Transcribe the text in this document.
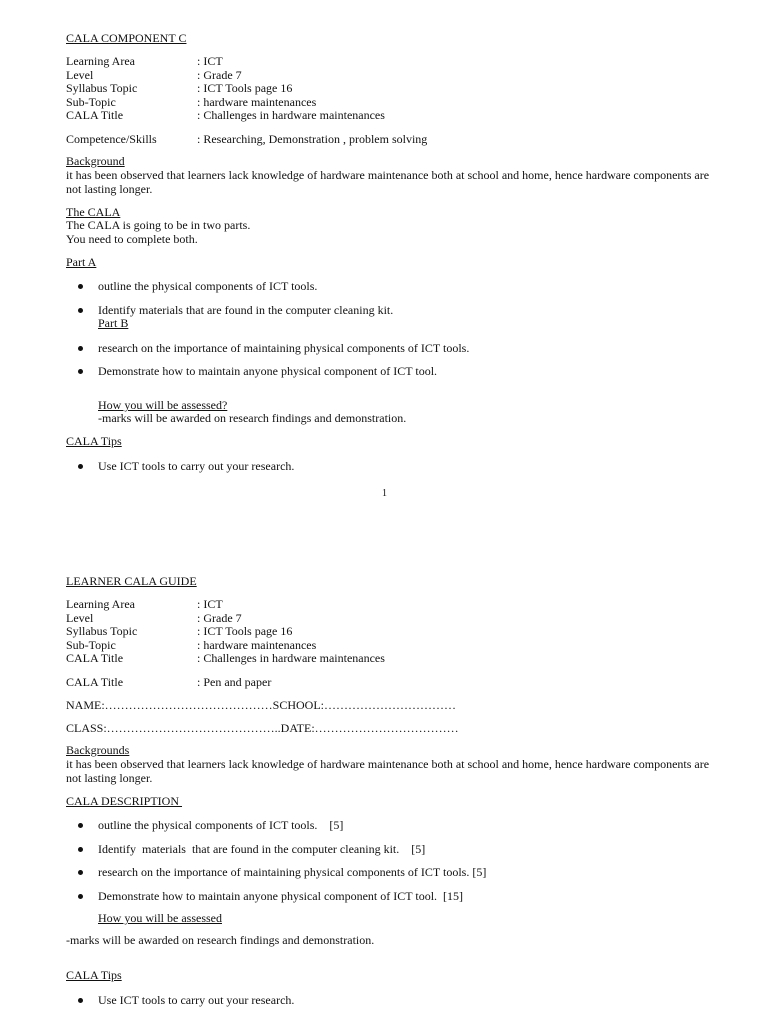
CALA COMPONENT C
Learning Area	: ICT
Level	: Grade 7
Syllabus Topic	: ICT Tools page 16
Sub-Topic	: hardware maintenances
CALA Title	: Challenges in hardware maintenances
Competence/Skills	: Researching, Demonstration , problem solving
Background
it has been observed that learners lack knowledge of hardware maintenance both at school and home, hence hardware components are not lasting longer.
The CALA
The CALA is going to be in two parts.
You need to complete both.
Part A
outline the physical components of ICT tools.
Identify materials that are found in the computer cleaning kit.
Part B
research on the importance of maintaining physical components of ICT tools.
Demonstrate how to maintain anyone physical component of ICT tool.
How you will be assessed?
-marks will be awarded on research findings and demonstration.
CALA Tips
Use ICT tools to carry out your research.
1
LEARNER CALA GUIDE
Learning Area	: ICT
Level	: Grade 7
Syllabus Topic	: ICT Tools page 16
Sub-Topic	: hardware maintenances
CALA Title	: Challenges in hardware maintenances
CALA Title	: Pen and paper
NAME:……………………………………SCHOOL:……………………………
CLASS:……………………………………..DATE:………………………………
Backgrounds
it has been observed that learners lack knowledge of hardware maintenance both at school and home, hence hardware components are not lasting longer.
CALA DESCRIPTION
outline the physical components of ICT tools.    [5]
Identify  materials  that are found in the computer cleaning kit.    [5]
research on the importance of maintaining physical components of ICT tools. [5]
Demonstrate how to maintain anyone physical component of ICT tool.  [15]
How you will be assessed
-marks will be awarded on research findings and demonstration.
CALA Tips
Use ICT tools to carry out your research.
